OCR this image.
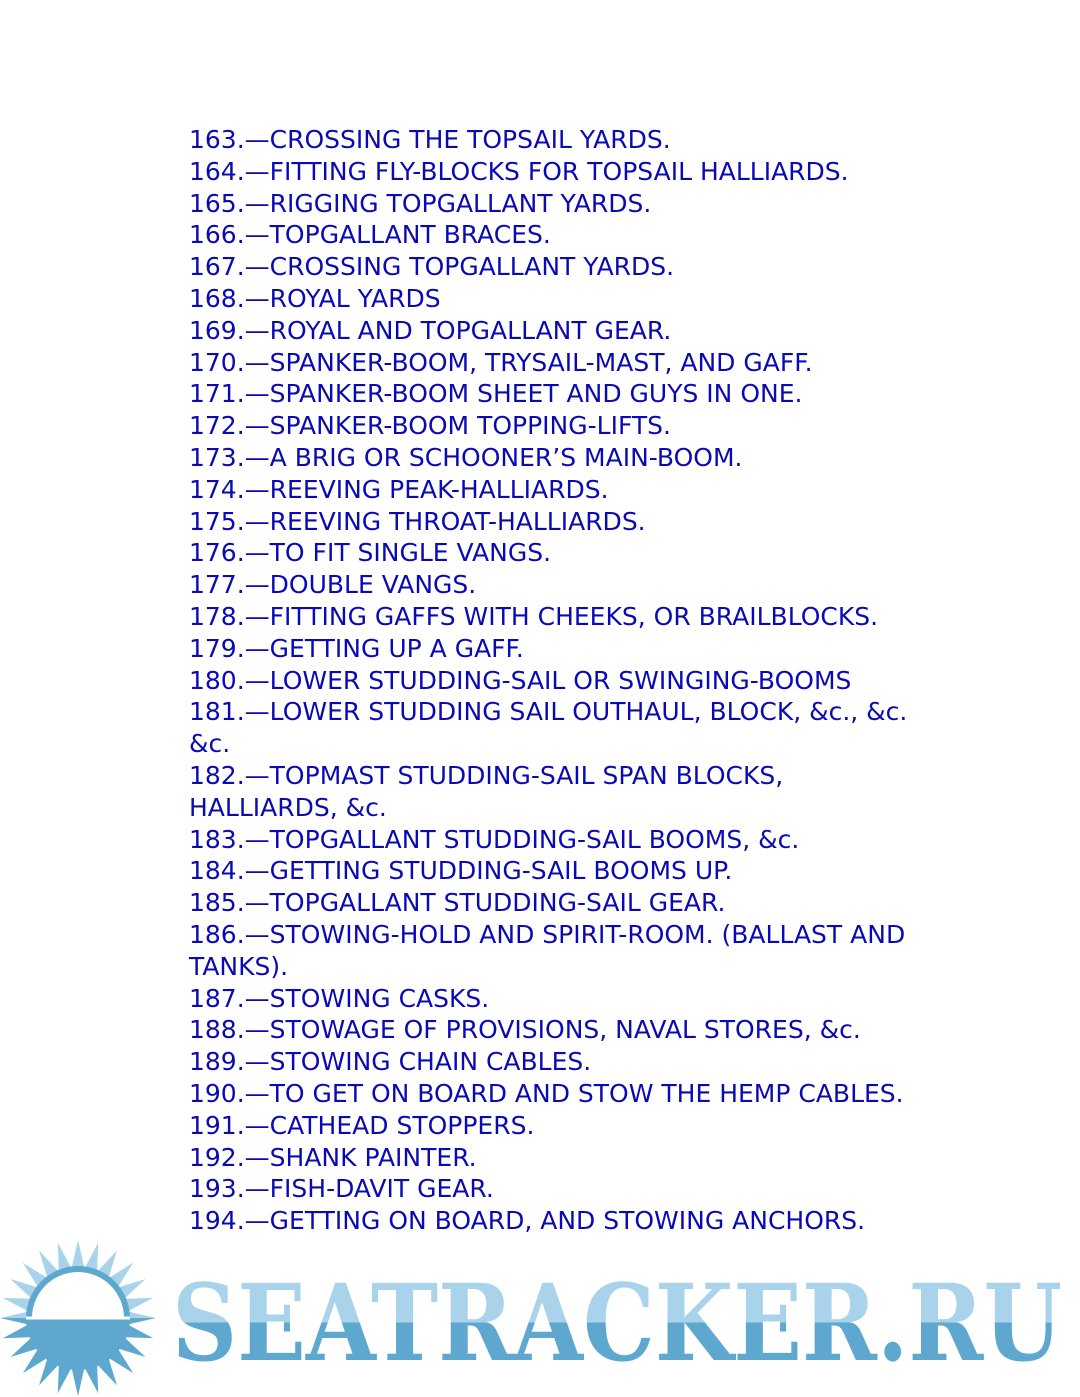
163.—CROSSING THE TOPSAIL YARDS.
164.—FITTING FLY-BLOCKS FOR TOPSAIL HALLIARDS.
165.—RIGGING TOPGALLANT YARDS.
166.—TOPGALLANT BRACES.
167.—CROSSING TOPGALLANT YARDS.
168.—ROYAL YARDS
169.—ROYAL AND TOPGALLANT GEAR.
170.—SPANKER-BOOM, TRYSAIL-MAST, AND GAFF.
171.—SPANKER-BOOM SHEET AND GUYS IN ONE.
172.—SPANKER-BOOM TOPPING-LIFTS.
173.—A BRIG OR SCHOONER’S MAIN-BOOM.
174.—REEVING PEAK-HALLIARDS.
175.—REEVING THROAT-HALLIARDS.
176.—TO FIT SINGLE VANGS.
177.—DOUBLE VANGS.
178.—FITTING GAFFS WITH CHEEKS, OR BRAILBLOCKS.
179.—GETTING UP A GAFF.
180.—LOWER STUDDING-SAIL OR SWINGING-BOOMS
181.—LOWER STUDDING SAIL OUTHAUL, BLOCK, &c., &c. &c.
182.—TOPMAST STUDDING-SAIL SPAN BLOCKS, HALLIARDS, &c.
183.—TOPGALLANT STUDDING-SAIL BOOMS, &c.
184.—GETTING STUDDING-SAIL BOOMS UP.
185.—TOPGALLANT STUDDING-SAIL GEAR.
186.—STOWING-HOLD AND SPIRIT-ROOM. (BALLAST AND TANKS).
187.—STOWING CASKS.
188.—STOWAGE OF PROVISIONS, NAVAL STORES, &c.
189.—STOWING CHAIN CABLES.
190.—TO GET ON BOARD AND STOW THE HEMP CABLES.
191.—CATHEAD STOPPERS.
192.—SHANK PAINTER.
193.—FISH-DAVIT GEAR.
194.—GETTING ON BOARD, AND STOWING ANCHORS.
SEATRACKER.RU
